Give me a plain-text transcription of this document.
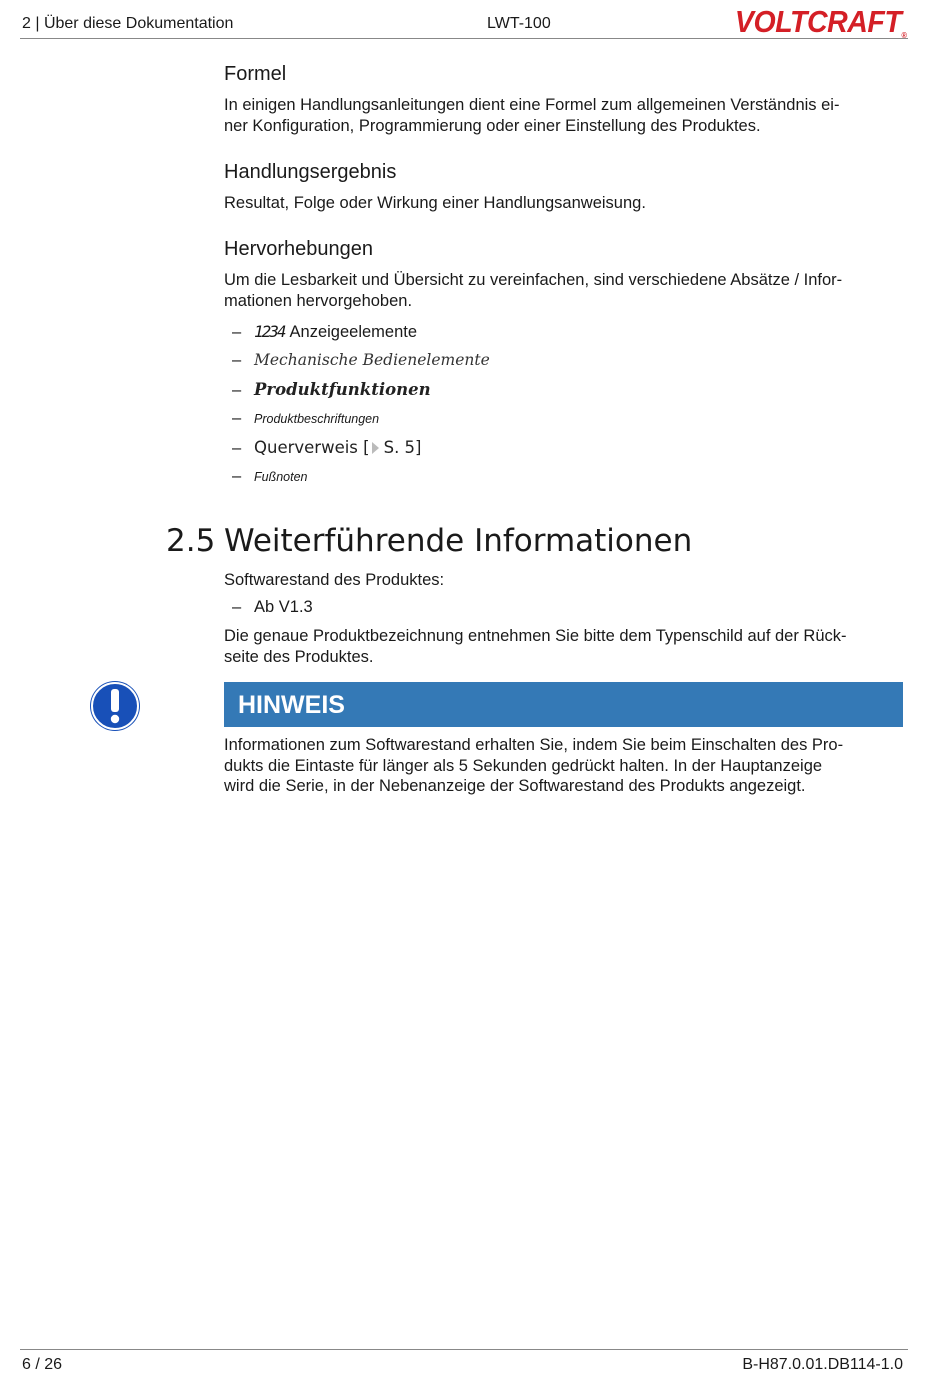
2 | Über diese Dokumentation	LWT-100	VOLTCRAFT®
Formel

In einigen Handlungsanleitungen dient eine Formel zum allgemeinen Verständnis ei-

ner Konfiguration, Programmierung oder einer Einstellung des Produktes.

Handlungsergebnis

Resultat, Folge oder Wirkung einer Handlungsanweisung.

Hervorhebungen

Um die Lesbarkeit und Übersicht zu vereinfachen, sind verschiedene Absätze / Infor-

mationen hervorgehoben.

– 1234 Anzeigeelemente
– Mechanische Bedienelemente
– Produktfunktionen
– Produktbeschriftungen
– Querverweis [ S. 5]
– Fußnoten
2.5 Weiterführende Informationen

Softwarestand des Produktes:

– Ab V1.3

Die genaue Produktbezeichnung entnehmen Sie bitte dem Typenschild auf der Rück-

seite des Produktes.

HINWEIS

Informationen zum Softwarestand erhalten Sie, indem Sie beim Einschalten des Pro-

dukts die Eintaste für länger als 5 Sekunden gedrückt halten. In der Hauptanzeige

wird die Serie, in der Nebenanzeige der Softwarestand des Produkts angezeigt.

6 / 26	B-H87.0.01.DB114-1.0
